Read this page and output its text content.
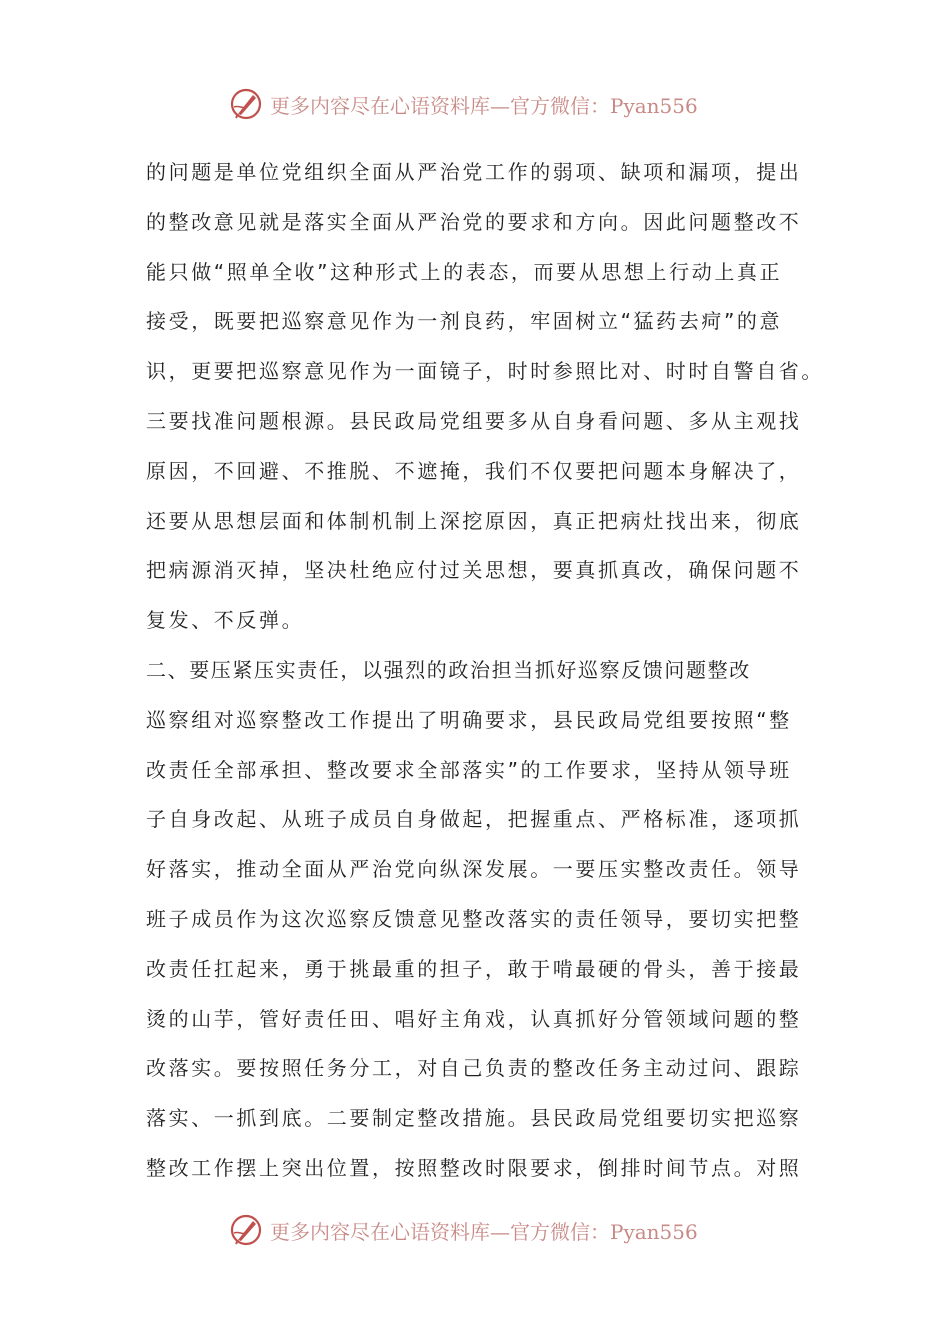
更多内容尽在心语资料库—官方微信：Pyan556
的问题是单位党组织全面从严治党工作的弱项、缺项和漏项，提出
的整改意见就是落实全面从严治党的要求和方向。因此问题整改不
能只做“照单全收”这种形式上的表态，而要从思想上行动上真正
接受，既要把巡察意见作为一剂良药，牢固树立“猛药去疴”的意
识，更要把巡察意见作为一面镜子，时时参照比对、时时自警自省。
三要找准问题根源。县民政局党组要多从自身看问题、多从主观找
原因，不回避、不推脱、不遮掩，我们不仅要把问题本身解决了，
还要从思想层面和体制机制上深挖原因，真正把病灶找出来，彻底
把病源消灭掉，坚决杜绝应付过关思想，要真抓真改，确保问题不
复发、不反弹。
二、要压紧压实责任，以强烈的政治担当抓好巡察反馈问题整改
巡察组对巡察整改工作提出了明确要求，县民政局党组要按照“整
改责任全部承担、整改要求全部落实”的工作要求，坚持从领导班
子自身改起、从班子成员自身做起，把握重点、严格标准，逐项抓
好落实，推动全面从严治党向纵深发展。一要压实整改责任。领导
班子成员作为这次巡察反馈意见整改落实的责任领导，要切实把整
改责任扛起来，勇于挑最重的担子，敢于啃最硬的骨头，善于接最
烫的山芋，管好责任田、唱好主角戏，认真抓好分管领域问题的整
改落实。要按照任务分工，对自己负责的整改任务主动过问、跟踪
落实、一抓到底。二要制定整改措施。县民政局党组要切实把巡察
整改工作摆上突出位置，按照整改时限要求，倒排时间节点。对照
更多内容尽在心语资料库—官方微信：Pyan556
